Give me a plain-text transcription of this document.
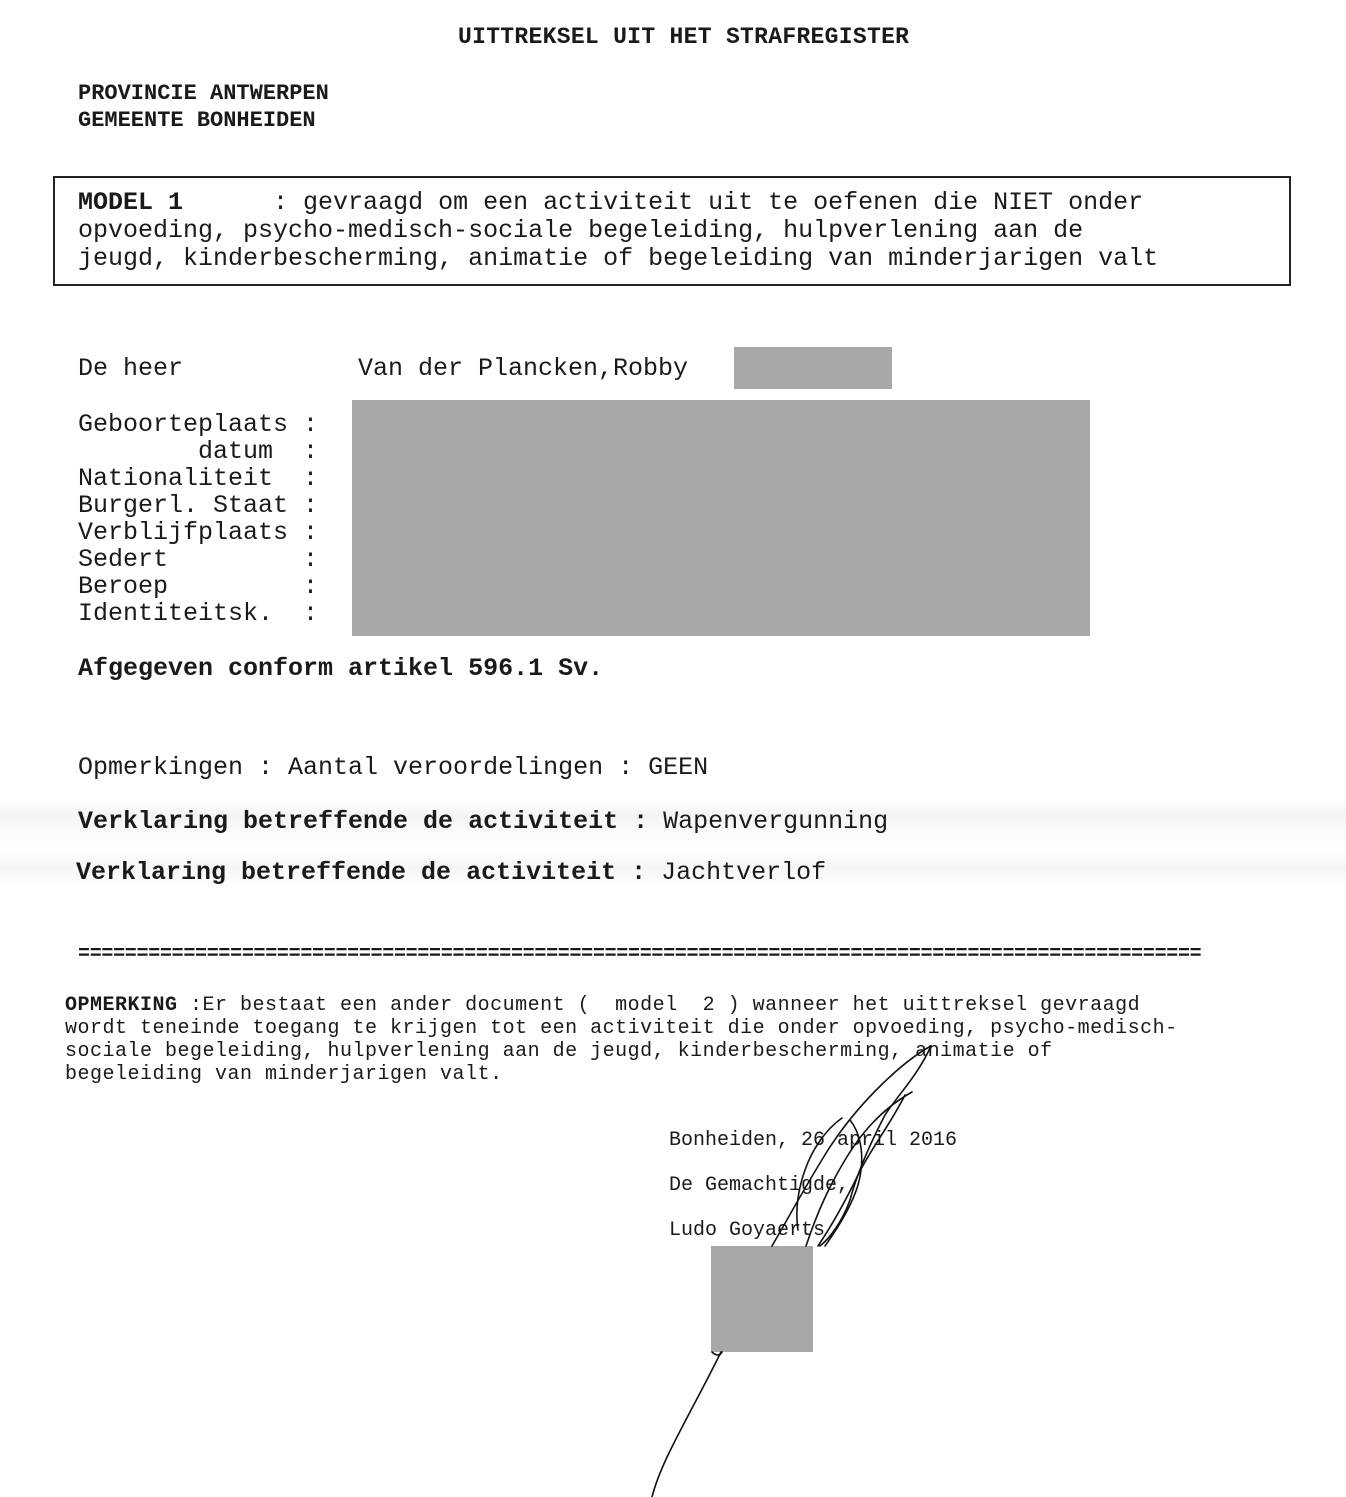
UITTREKSEL UIT HET STRAFREGISTER
PROVINCIE ANTWERPEN
GEMEENTE BONHEIDEN
MODEL 1      : gevraagd om een activiteit uit te oefenen die NIET onder
opvoeding, psycho-medisch-sociale begeleiding, hulpverlening aan de
jeugd, kinderbescherming, animatie of begeleiding van minderjarigen valt
De heer	Van der Plancken,Robby
Geboorteplaats :
datum  :
Nationaliteit  :
Burgerl. Staat :
Verblijfplaats :
Sedert         :
Beroep         :
Identiteitsk.  :
Afgegeven conform artikel 596.1 Sv.
Opmerkingen : Aantal veroordelingen : GEEN
Verklaring betreffende de activiteit : Wapenvergunning
Verklaring betreffende de activiteit : Jachtverlof
================================================================================================
OPMERKING :Er bestaat een ander document (  model  2 ) wanneer het uittreksel gevraagd
wordt teneinde toegang te krijgen tot een activiteit die onder opvoeding, psycho-medisch-
sociale begeleiding, hulpverlening aan de jeugd, kinderbescherming, animatie of
begeleiding van minderjarigen valt.
Bonheiden, 26 april 2016
De Gemachtigde,
Ludo Goyaerts
